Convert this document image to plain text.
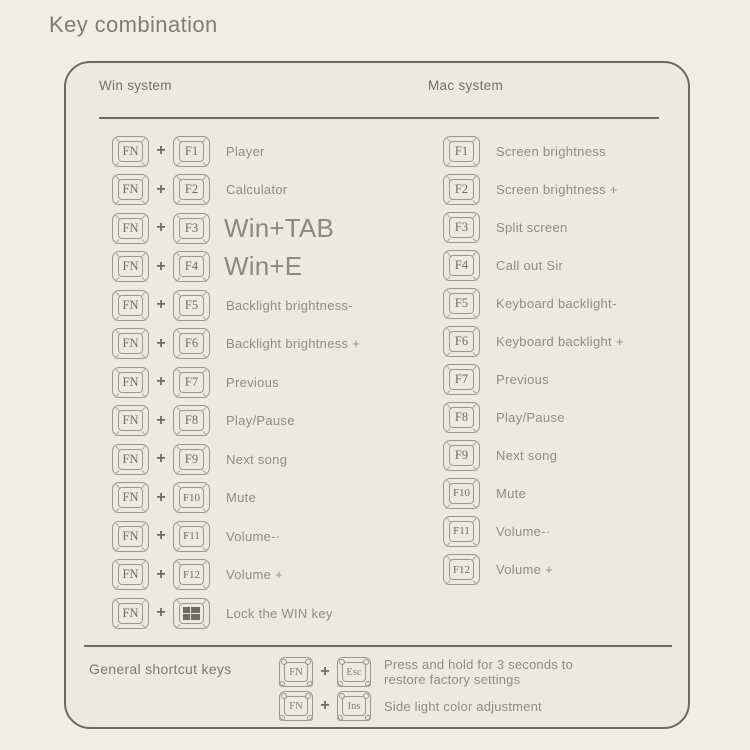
Key combination
Win system	Mac system
FN	+	F1	Player
FN	+	F2	Calculator
FN	+	F3 Win+TAB
FN	+	F4 Win+E
FN	+	F5	Backlight brightness-
FN	+	F6	Backlight brightness +
FN	+	F7	Previous
FN	+	F8	Play/Pause
FN	+	F9	Next song
FN	+	F10	Mute
FN	+	F11	Volume-·
FN	+	F12	Volume +
FN	+	Lock the WIN key
F1	Screen brightness
F2	Screen brightness +
F3	Split screen
F4	Call out Sir
F5	Keyboard backlight-
F6	Keyboard backlight +
F7	Previous
F8	Play/Pause
F9	Next song
F10	Mute
F11	Volume-·
F12	Volume +
General shortcut keys	FN	+	Esc	Press and hold for 3 seconds to restore factory settings
FN	+	Ins	Side light color adjustment
